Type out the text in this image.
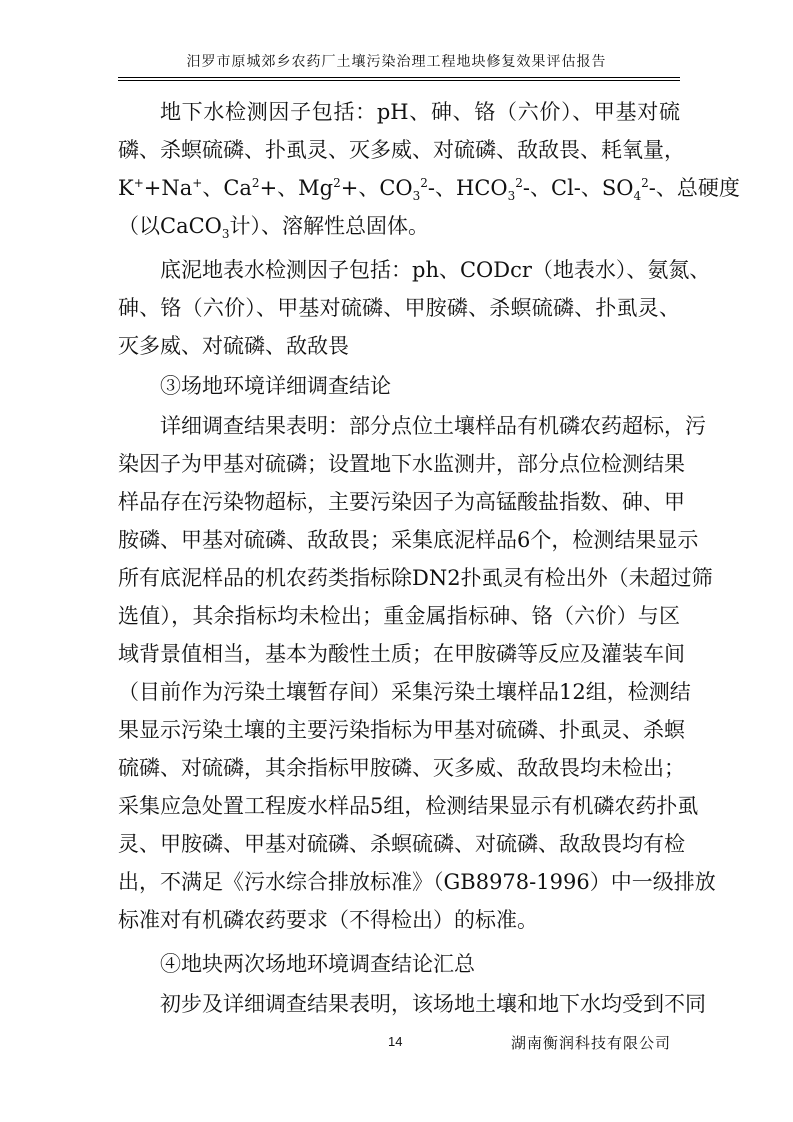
汨罗市原城郊乡农药厂土壤污染治理工程地块修复效果评估报告
地下水检测因子包括：pH、砷、铬（六价）、甲基对硫
磷、杀螟硫磷、扑虱灵、灭多威、对硫磷、敌敌畏、耗氧量，
K++Na+、$Ca^2+$、$Mg^2+$、$CO_3^2-$、$HCO_3^2-$、Cl-、$SO_4^2-$、总硬度
（以CaCO$_3$计）、溶解性总固体。
底泥地表水检测因子包括：ph、CODcr（地表水）、氨氮、
砷、铬（六价）、甲基对硫磷、甲胺磷、杀螟硫磷、扑虱灵、
灭多威、对硫磷、敌敌畏
③场地环境详细调查结论
详细调查结果表明：部分点位土壤样品有机磷农药超标，污
染因子为甲基对硫磷；设置地下水监测井，部分点位检测结果
样品存在污染物超标，主要污染因子为高锰酸盐指数、砷、甲
胺磷、甲基对硫磷、敌敌畏；采集底泥样品6个，检测结果显示
所有底泥样品的机农药类指标除DN2扑虱灵有检出外（未超过筛
选值），其余指标均未检出；重金属指标砷、铬（六价）与区
域背景值相当，基本为酸性土质；在甲胺磷等反应及灌装车间
（目前作为污染土壤暂存间）采集污染土壤样品12组，检测结
果显示污染土壤的主要污染指标为甲基对硫磷、扑虱灵、杀螟
硫磷、对硫磷，其余指标甲胺磷、灭多威、敌敌畏均未检出；
采集应急处置工程废水样品5组，检测结果显示有机磷农药扑虱
灵、甲胺磷、甲基对硫磷、杀螟硫磷、对硫磷、敌敌畏均有检
出，不满足《污水综合排放标准》（GB8978-1996）中一级排放
标准对有机磷农药要求（不得检出）的标准。
④地块两次场地环境调查结论汇总
初步及详细调查结果表明，该场地土壤和地下水均受到不同
14	湖南衡润科技有限公司
